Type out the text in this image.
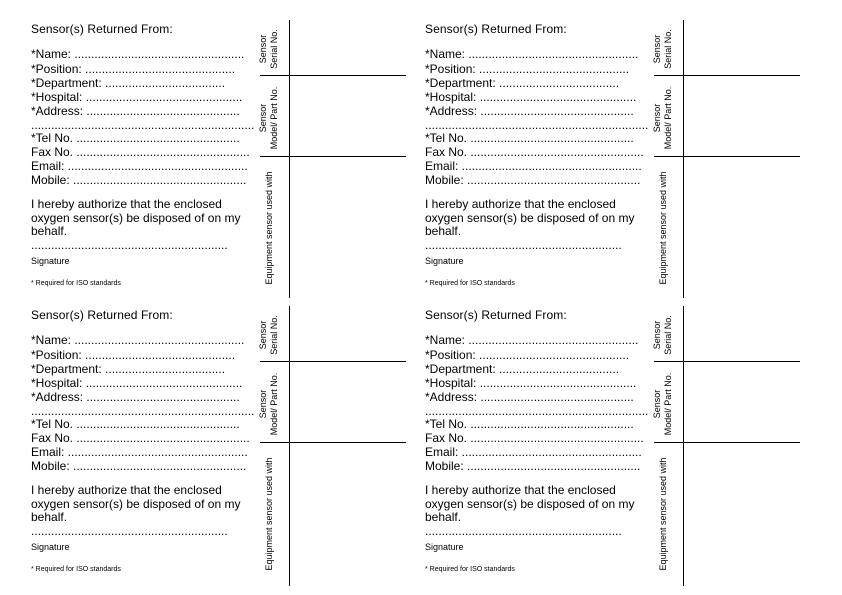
Sensor(s) Returned From:
*Name: ...................................................
*Position: .............................................
*Department: ....................................
*Hospital: ...............................................
*Address: ..............................................
...................................................................
*Tel No. .................................................
Fax No. ....................................................
Email: ......................................................
Mobile: ....................................................
I hereby authorize that the enclosed oxygen sensor(s) be disposed of on my behalf.
...........................................................
Signature
* Required for ISO standards
Sensor(s) Returned From:
*Name: ...................................................
*Position: .............................................
*Department: ....................................
*Hospital: ...............................................
*Address: ..............................................
...................................................................
*Tel No. .................................................
Fax No. ....................................................
Email: ......................................................
Mobile: ....................................................
I hereby authorize that the enclosed oxygen sensor(s) be disposed of on my behalf.
...........................................................
Signature
* Required for ISO standards
Sensor(s) Returned From:
*Name: ...................................................
*Position: .............................................
*Department: ....................................
*Hospital: ...............................................
*Address: ..............................................
...................................................................
*Tel No. .................................................
Fax No. ....................................................
Email: ......................................................
Mobile: ....................................................
I hereby authorize that the enclosed oxygen sensor(s) be disposed of on my behalf.
...........................................................
Signature
* Required for ISO standards
Sensor(s) Returned From:
*Name: ...................................................
*Position: .............................................
*Department: ....................................
*Hospital: ...............................................
*Address: ..............................................
...................................................................
*Tel No. .................................................
Fax No. ....................................................
Email: ......................................................
Mobile: ....................................................
I hereby authorize that the enclosed oxygen sensor(s) be disposed of on my behalf.
...........................................................
Signature
* Required for ISO standards
Sensor Serial No.
Sensor Model/ Part No.
Equipment sensor used with
Sensor Serial No.
Sensor Model/ Part No.
Equipment sensor used with
Sensor Serial No.
Sensor Model/ Part No.
Equipment sensor used with
Sensor Serial No.
Sensor Model/ Part No.
Equipment sensor used with
